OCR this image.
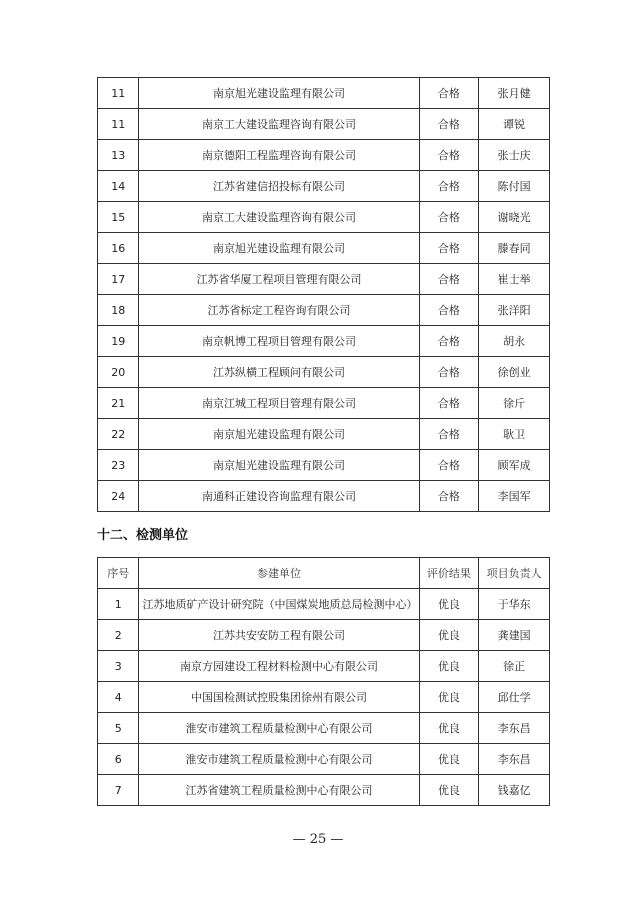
11	南京旭光建设监理有限公司	合格	张月健
11	南京工大建设监理咨询有限公司	合格	谭锐
13	南京德阳工程监理咨询有限公司	合格	张士庆
14	江苏省建信招投标有限公司	合格	陈付国
15	南京工大建设监理咨询有限公司	合格	谢晓光
16	南京旭光建设监理有限公司	合格	滕春同
17	江苏省华厦工程项目管理有限公司	合格	崔士举
18	江苏省标定工程咨询有限公司	合格	张洋阳
19	南京帆博工程项目管理有限公司	合格	胡永
20	江苏纵横工程顾问有限公司	合格	徐创业
21	南京江城工程项目管理有限公司	合格	徐斤
22	南京旭光建设监理有限公司	合格	耿卫
23	南京旭光建设监理有限公司	合格	顾军成
24	南通科正建设咨询监理有限公司	合格	李国军
十二、检测单位
序号	参建单位	评价结果	项目负责人
1	江苏地质矿产设计研究院（中国煤炭地质总局检测中心）	优良	于华东
2	江苏共安安防工程有限公司	优良	龚建国
3	南京方园建设工程材料检测中心有限公司	优良	徐正
4	中国国检测试控股集团徐州有限公司	优良	邱仕学
5	淮安市建筑工程质量检测中心有限公司	优良	李东昌
6	淮安市建筑工程质量检测中心有限公司	优良	李东昌
7	江苏省建筑工程质量检测中心有限公司	优良	钱嘉亿
— 25 —
